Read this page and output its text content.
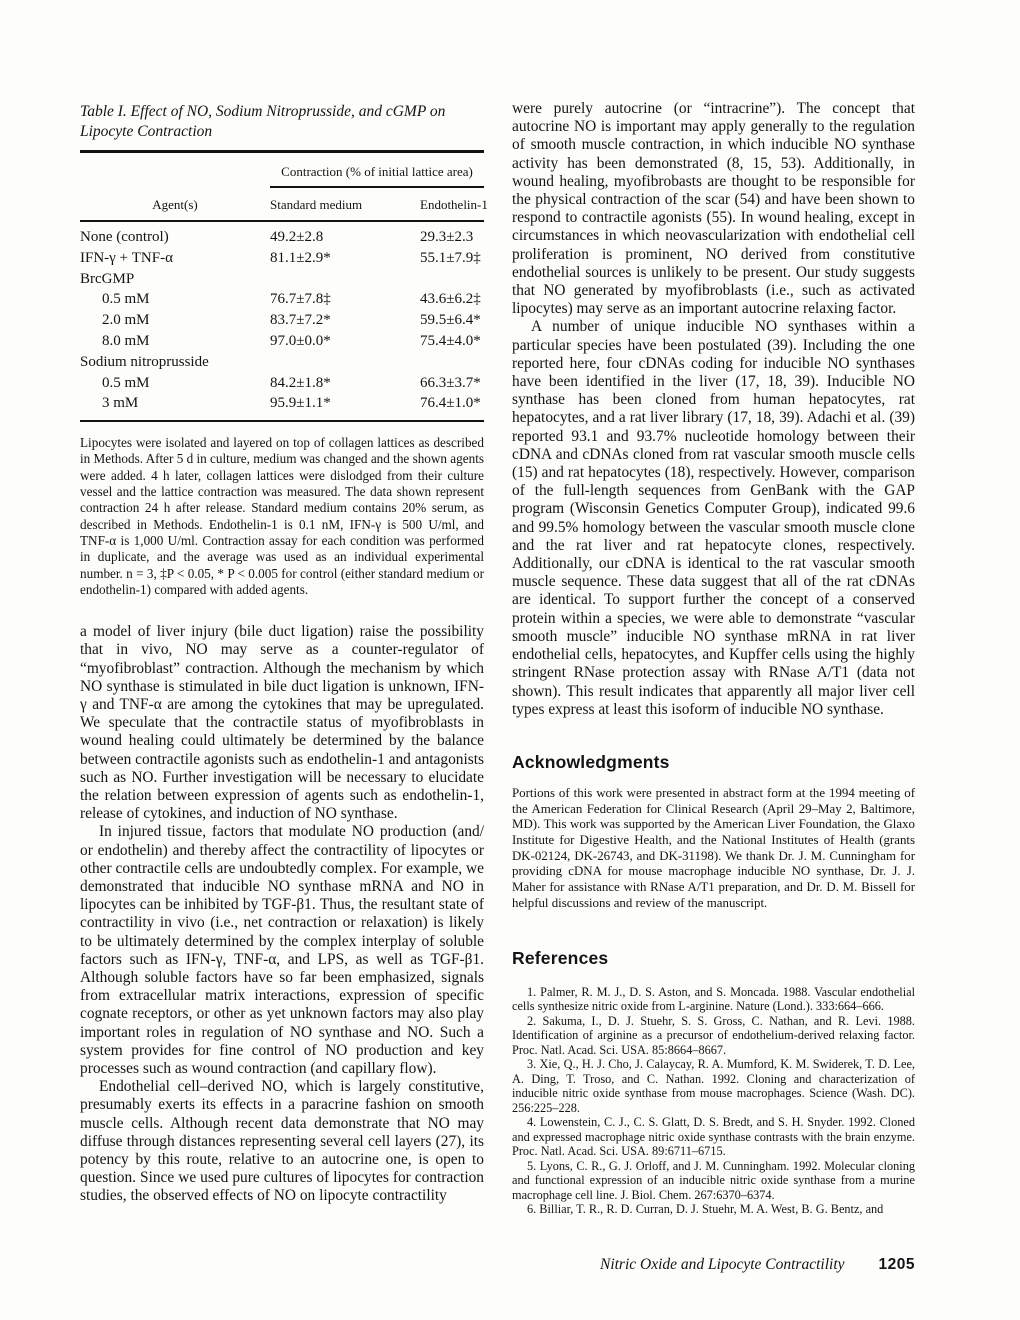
Table I. Effect of NO, Sodium Nitroprusside, and cGMP on Lipocyte Contraction
Contraction (% of initial lattice area)
Agent(s)	Standard medium	Endothelin-1
None (control)	49.2±2.8	29.3±2.3
IFN-γ + TNF-α	81.1±2.9*	55.1±7.9‡
BrcGMP
0.5 mM	76.7±7.8‡	43.6±6.2‡
2.0 mM	83.7±7.2*	59.5±6.4*
8.0 mM	97.0±0.0*	75.4±4.0*
Sodium nitroprusside
0.5 mM	84.2±1.8*	66.3±3.7*
3 mM	95.9±1.1*	76.4±1.0*
Lipocytes were isolated and layered on top of collagen lattices as described in Methods. After 5 d in culture, medium was changed and the shown agents were added. 4 h later, collagen lattices were dislodged from their culture vessel and the lattice contraction was measured. The data shown represent contraction 24 h after release. Standard medium contains 20% serum, as described in Methods. Endothelin-1 is 0.1 nM, IFN-γ is 500 U/ml, and TNF-α is 1,000 U/ml. Contraction assay for each condition was performed in duplicate, and the average was used as an individual experimental number. n = 3, ‡P < 0.05, * P < 0.005 for control (either standard medium or endothelin-1) compared with added agents.

a model of liver injury (bile duct ligation) raise the possibility that in vivo, NO may serve as a counter-regulator of “myofibroblast” contraction. Although the mechanism by which NO synthase is stimulated in bile duct ligation is unknown, IFN-γ and TNF-α are among the cytokines that may be upregulated. We speculate that the contractile status of myofibroblasts in wound healing could ultimately be determined by the balance between contractile agonists such as endothelin-1 and antagonists such as NO. Further investigation will be necessary to elucidate the relation between expression of agents such as endothelin-1, release of cytokines, and induction of NO synthase.

In injured tissue, factors that modulate NO production (and/ or endothelin) and thereby affect the contractility of lipocytes or other contractile cells are undoubtedly complex. For example, we demonstrated that inducible NO synthase mRNA and NO in lipocytes can be inhibited by TGF-β1. Thus, the resultant state of contractility in vivo (i.e., net contraction or relaxation) is likely to be ultimately determined by the complex interplay of soluble factors such as IFN-γ, TNF-α, and LPS, as well as TGF-β1. Although soluble factors have so far been emphasized, signals from extracellular matrix interactions, expression of specific cognate receptors, or other as yet unknown factors may also play important roles in regulation of NO synthase and NO. Such a system provides for fine control of NO production and key processes such as wound contraction (and capillary flow).

Endothelial cell–derived NO, which is largely constitutive, presumably exerts its effects in a paracrine fashion on smooth muscle cells. Although recent data demonstrate that NO may diffuse through distances representing several cell layers (27), its potency by this route, relative to an autocrine one, is open to question. Since we used pure cultures of lipocytes for contraction studies, the observed effects of NO on lipocyte contractility

were purely autocrine (or “intracrine”). The concept that autocrine NO is important may apply generally to the regulation of smooth muscle contraction, in which inducible NO synthase activity has been demonstrated (8, 15, 53). Additionally, in wound healing, myofibrobasts are thought to be responsible for the physical contraction of the scar (54) and have been shown to respond to contractile agonists (55). In wound healing, except in circumstances in which neovascularization with endothelial cell proliferation is prominent, NO derived from constitutive endothelial sources is unlikely to be present. Our study suggests that NO generated by myofibroblasts (i.e., such as activated lipocytes) may serve as an important autocrine relaxing factor.

A number of unique inducible NO synthases within a particular species have been postulated (39). Including the one reported here, four cDNAs coding for inducible NO synthases have been identified in the liver (17, 18, 39). Inducible NO synthase has been cloned from human hepatocytes, rat hepatocytes, and a rat liver library (17, 18, 39). Adachi et al. (39) reported 93.1 and 93.7% nucleotide homology between their cDNA and cDNAs cloned from rat vascular smooth muscle cells (15) and rat hepatocytes (18), respectively. However, comparison of the full-length sequences from GenBank with the GAP program (Wisconsin Genetics Computer Group), indicated 99.6 and 99.5% homology between the vascular smooth muscle clone and the rat liver and rat hepatocyte clones, respectively. Additionally, our cDNA is identical to the rat vascular smooth muscle sequence. These data suggest that all of the rat cDNAs are identical. To support further the concept of a conserved protein within a species, we were able to demonstrate “vascular smooth muscle” inducible NO synthase mRNA in rat liver endothelial cells, hepatocytes, and Kupffer cells using the highly stringent RNase protection assay with RNase A/T1 (data not shown). This result indicates that apparently all major liver cell types express at least this isoform of inducible NO synthase.

Acknowledgments

Portions of this work were presented in abstract form at the 1994 meeting of the American Federation for Clinical Research (April 29–May 2, Baltimore, MD). This work was supported by the American Liver Foundation, the Glaxo Institute for Digestive Health, and the National Institutes of Health (grants DK-02124, DK-26743, and DK-31198). We thank Dr. J. M. Cunningham for providing cDNA for mouse macrophage inducible NO synthase, Dr. J. J. Maher for assistance with RNase A/T1 preparation, and Dr. D. M. Bissell for helpful discussions and review of the manuscript.

References

1. Palmer, R. M. J., D. S. Aston, and S. Moncada. 1988. Vascular endothelial cells synthesize nitric oxide from L-arginine. Nature (Lond.). 333:664–666.

2. Sakuma, I., D. J. Stuehr, S. S. Gross, C. Nathan, and R. Levi. 1988. Identification of arginine as a precursor of endothelium-derived relaxing factor. Proc. Natl. Acad. Sci. USA. 85:8664–8667.

3. Xie, Q., H. J. Cho, J. Calaycay, R. A. Mumford, K. M. Swiderek, T. D. Lee, A. Ding, T. Troso, and C. Nathan. 1992. Cloning and characterization of inducible nitric oxide synthase from mouse macrophages. Science (Wash. DC). 256:225–228.

4. Lowenstein, C. J., C. S. Glatt, D. S. Bredt, and S. H. Snyder. 1992. Cloned and expressed macrophage nitric oxide synthase contrasts with the brain enzyme. Proc. Natl. Acad. Sci. USA. 89:6711–6715.

5. Lyons, C. R., G. J. Orloff, and J. M. Cunningham. 1992. Molecular cloning and functional expression of an inducible nitric oxide synthase from a murine macrophage cell line. J. Biol. Chem. 267:6370–6374.

6. Billiar, T. R., R. D. Curran, D. J. Stuehr, M. A. West, B. G. Bentz, and

Nitric Oxide and Lipocyte Contractility 1205
